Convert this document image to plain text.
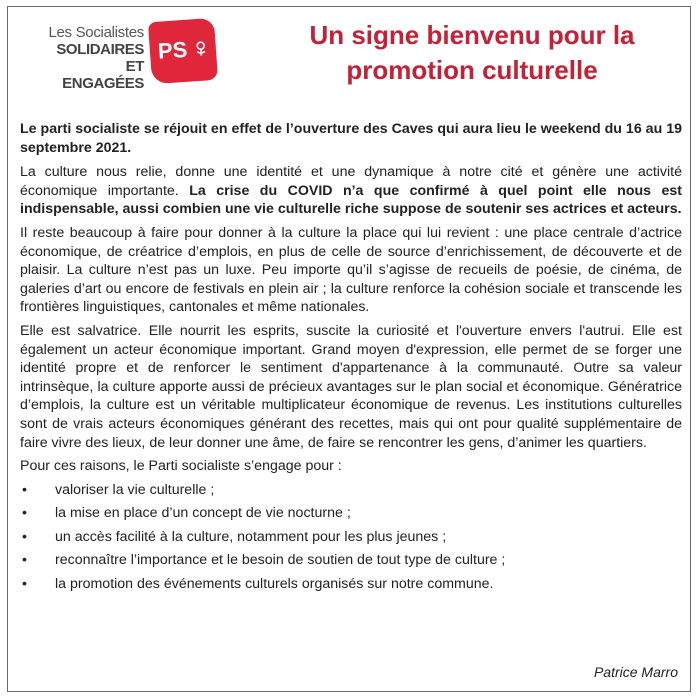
Les Socialistes
SOLIDAIRES ET
ENGAGÉES
PS
Un signe bienvenu pour la
promotion culturelle

Le parti socialiste se réjouit en effet de l’ouverture des Caves qui aura lieu le weekend du 16 au 19 septembre 2021.

La culture nous relie, donne une identité et une dynamique à notre cité et génère une activité économique importante. La crise du COVID n’a que confirmé à quel point elle nous est indispensable, aussi combien une vie culturelle riche suppose de soutenir ses actrices et acteurs.

Il reste beaucoup à faire pour donner à la culture la place qui lui revient : une place centrale d’actrice économique, de créatrice d’emplois, en plus de celle de source d’enrichissement, de découverte et de plaisir. La culture n’est pas un luxe. Peu importe qu’il s’agisse de recueils de poésie, de cinéma, de galeries d’art ou encore de festivals en plein air ; la culture renforce la cohésion sociale et transcende les frontières linguistiques, cantonales et même nationales.

Elle est salvatrice. Elle nourrit les esprits, suscite la curiosité et l'ouverture envers l'autrui. Elle est également un acteur économique important. Grand moyen d'expression, elle permet de se forger une identité propre et de renforcer le sentiment d'appartenance à la communauté. Outre sa valeur intrinsèque, la culture apporte aussi de précieux avantages sur le plan social et économique. Génératrice d’emplois, la culture est un véritable multiplicateur économique de revenus. Les institutions culturelles sont de vrais acteurs économiques générant des recettes, mais qui ont pour qualité supplémentaire de faire vivre des lieux, de leur donner une âme, de faire se rencontrer les gens, d’animer les quartiers.

Pour ces raisons, le Parti socialiste s’engage pour :

• valoriser la vie culturelle ;
• la mise en place d’un concept de vie nocturne ;
• un accès facilité à la culture, notamment pour les plus jeunes ;
• reconnaître l’importance et le besoin de soutien de tout type de culture ;
• la promotion des événements culturels organisés sur notre commune.
Patrice Marro
